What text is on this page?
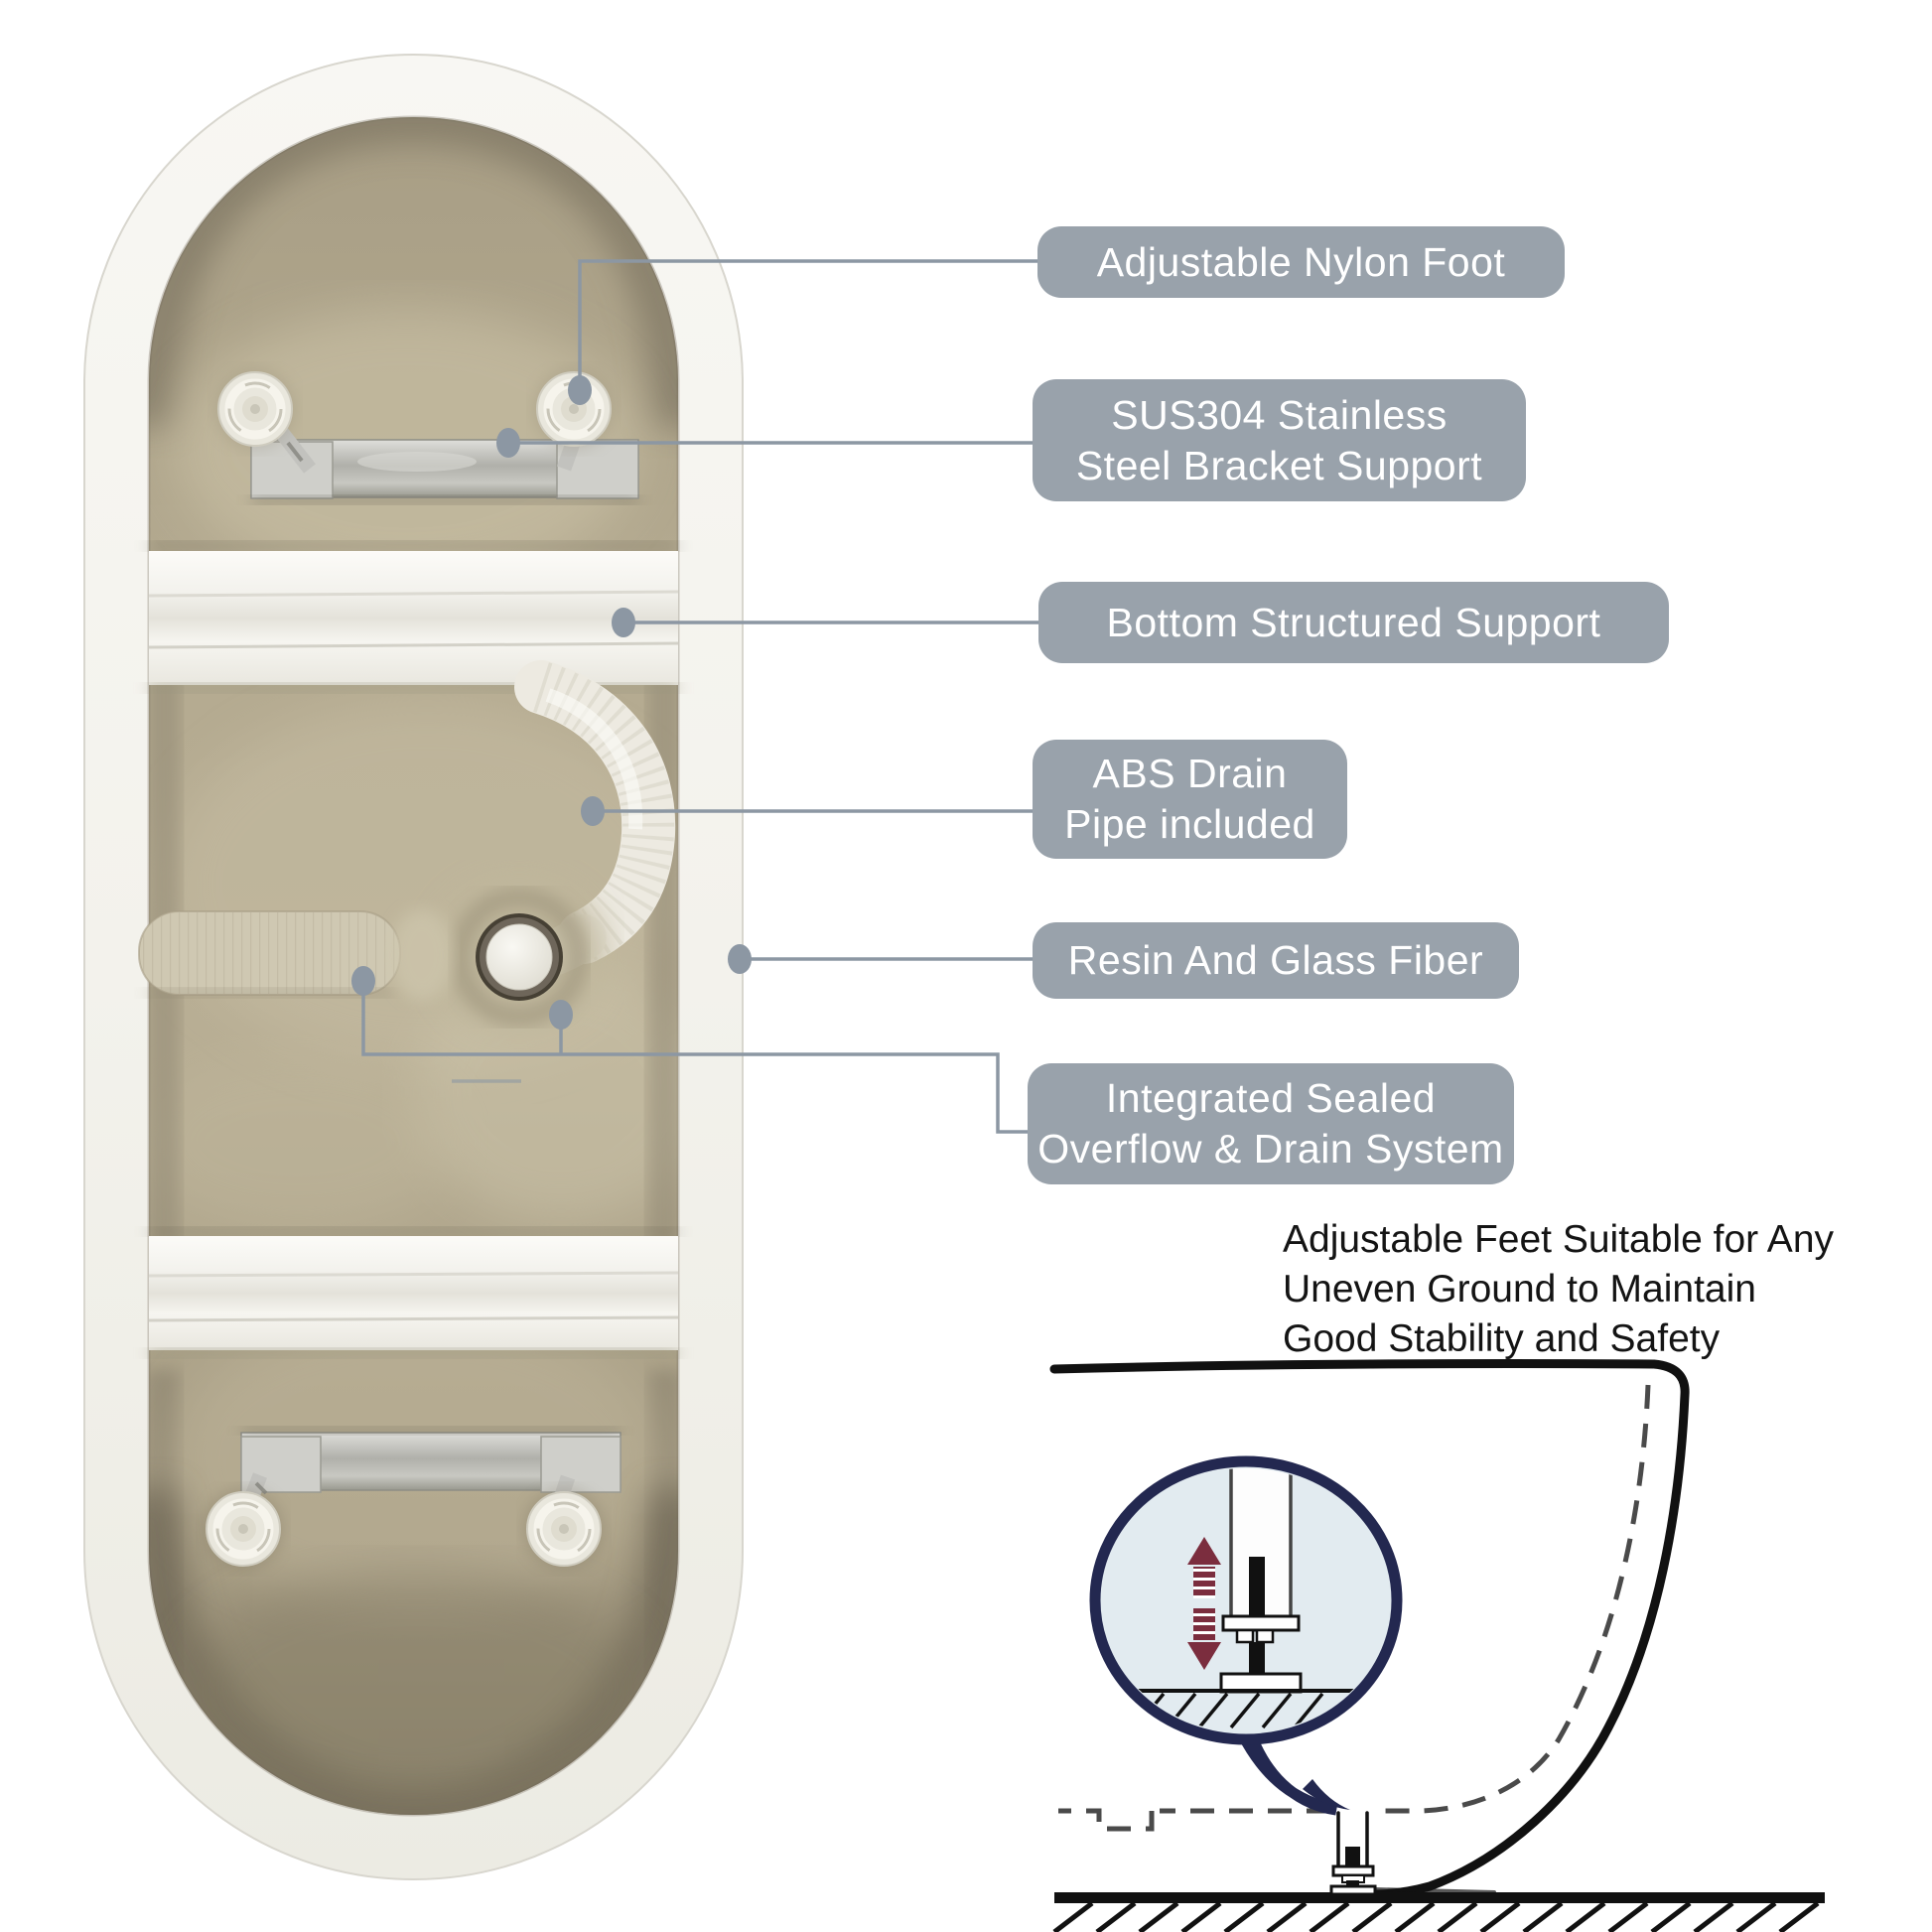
Adjustable Nylon Foot
SUS304 Stainless
Steel Bracket Support
Bottom Structured Support
ABS Drain
Pipe included
Resin And Glass Fiber
Integrated Sealed
Overflow & Drain System
Adjustable Feet Suitable for Any
Uneven Ground to Maintain
Good Stability and Safety
